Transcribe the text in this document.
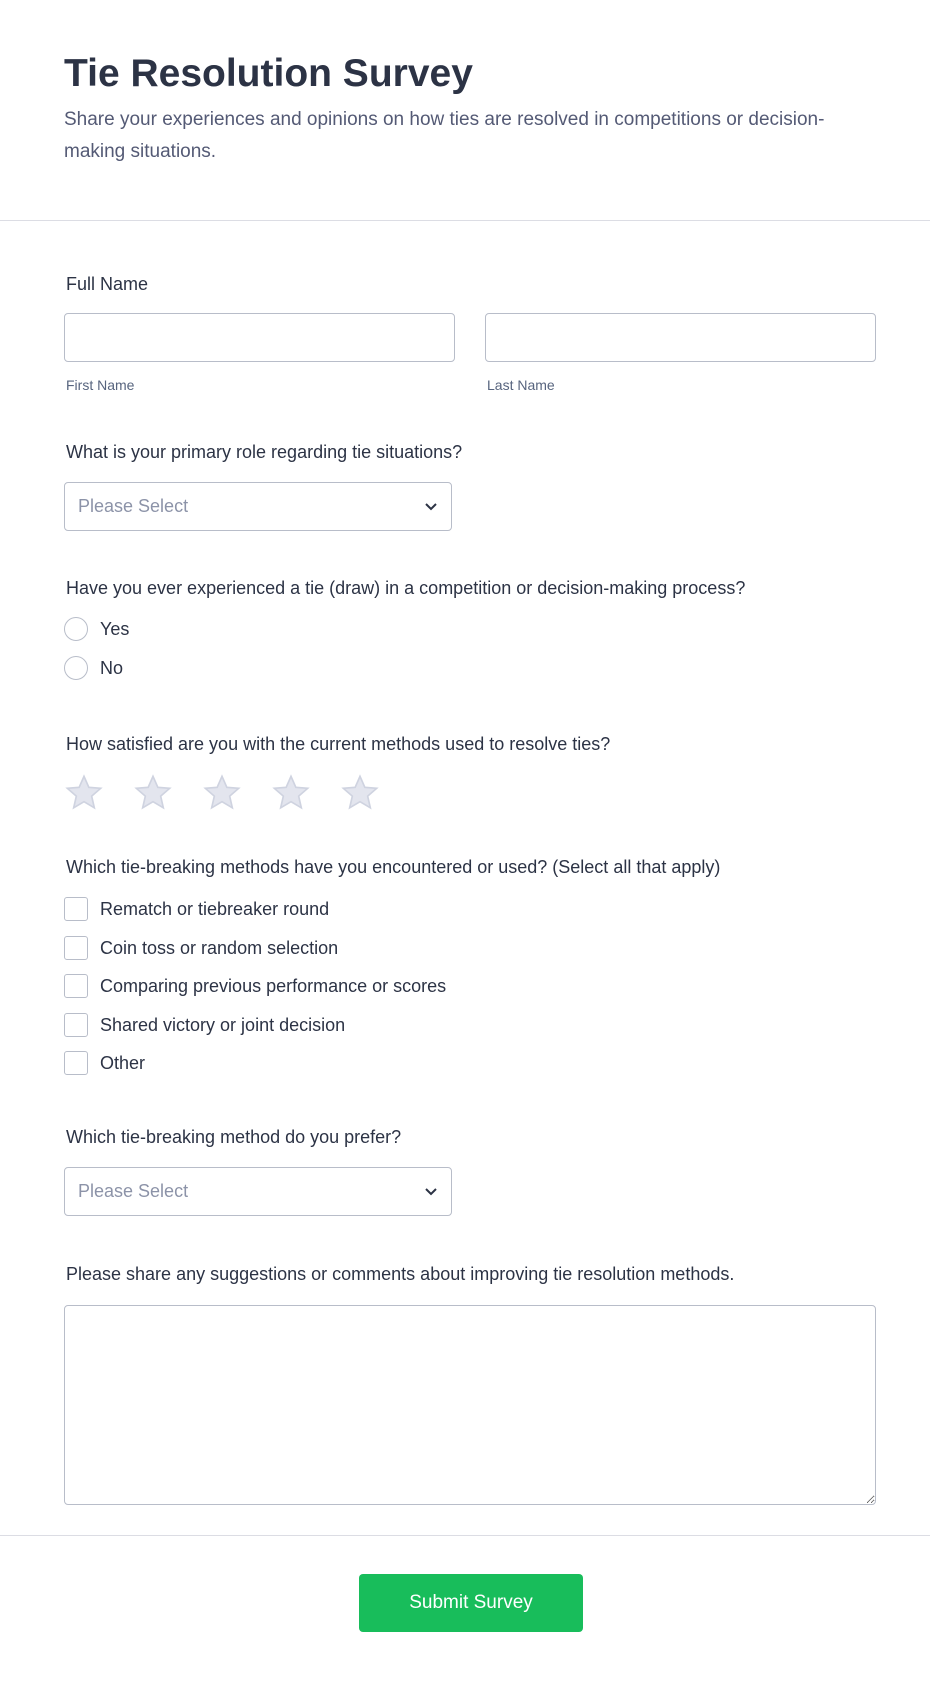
Tie Resolution Survey

Share your experiences and opinions on how ties are resolved in competitions or decision-making situations.

Full Name
First Name	Last Name
What is your primary role regarding tie situations?
Please Select
Have you ever experienced a tie (draw) in a competition or decision-making process?
Yes
No
How satisfied are you with the current methods used to resolve ties?
Which tie-breaking methods have you encountered or used? (Select all that apply)
Rematch or tiebreaker round
Coin toss or random selection
Comparing previous performance or scores
Shared victory or joint decision
Other
Which tie-breaking method do you prefer?
Please Select
Please share any suggestions or comments about improving tie resolution methods.
Submit Survey
